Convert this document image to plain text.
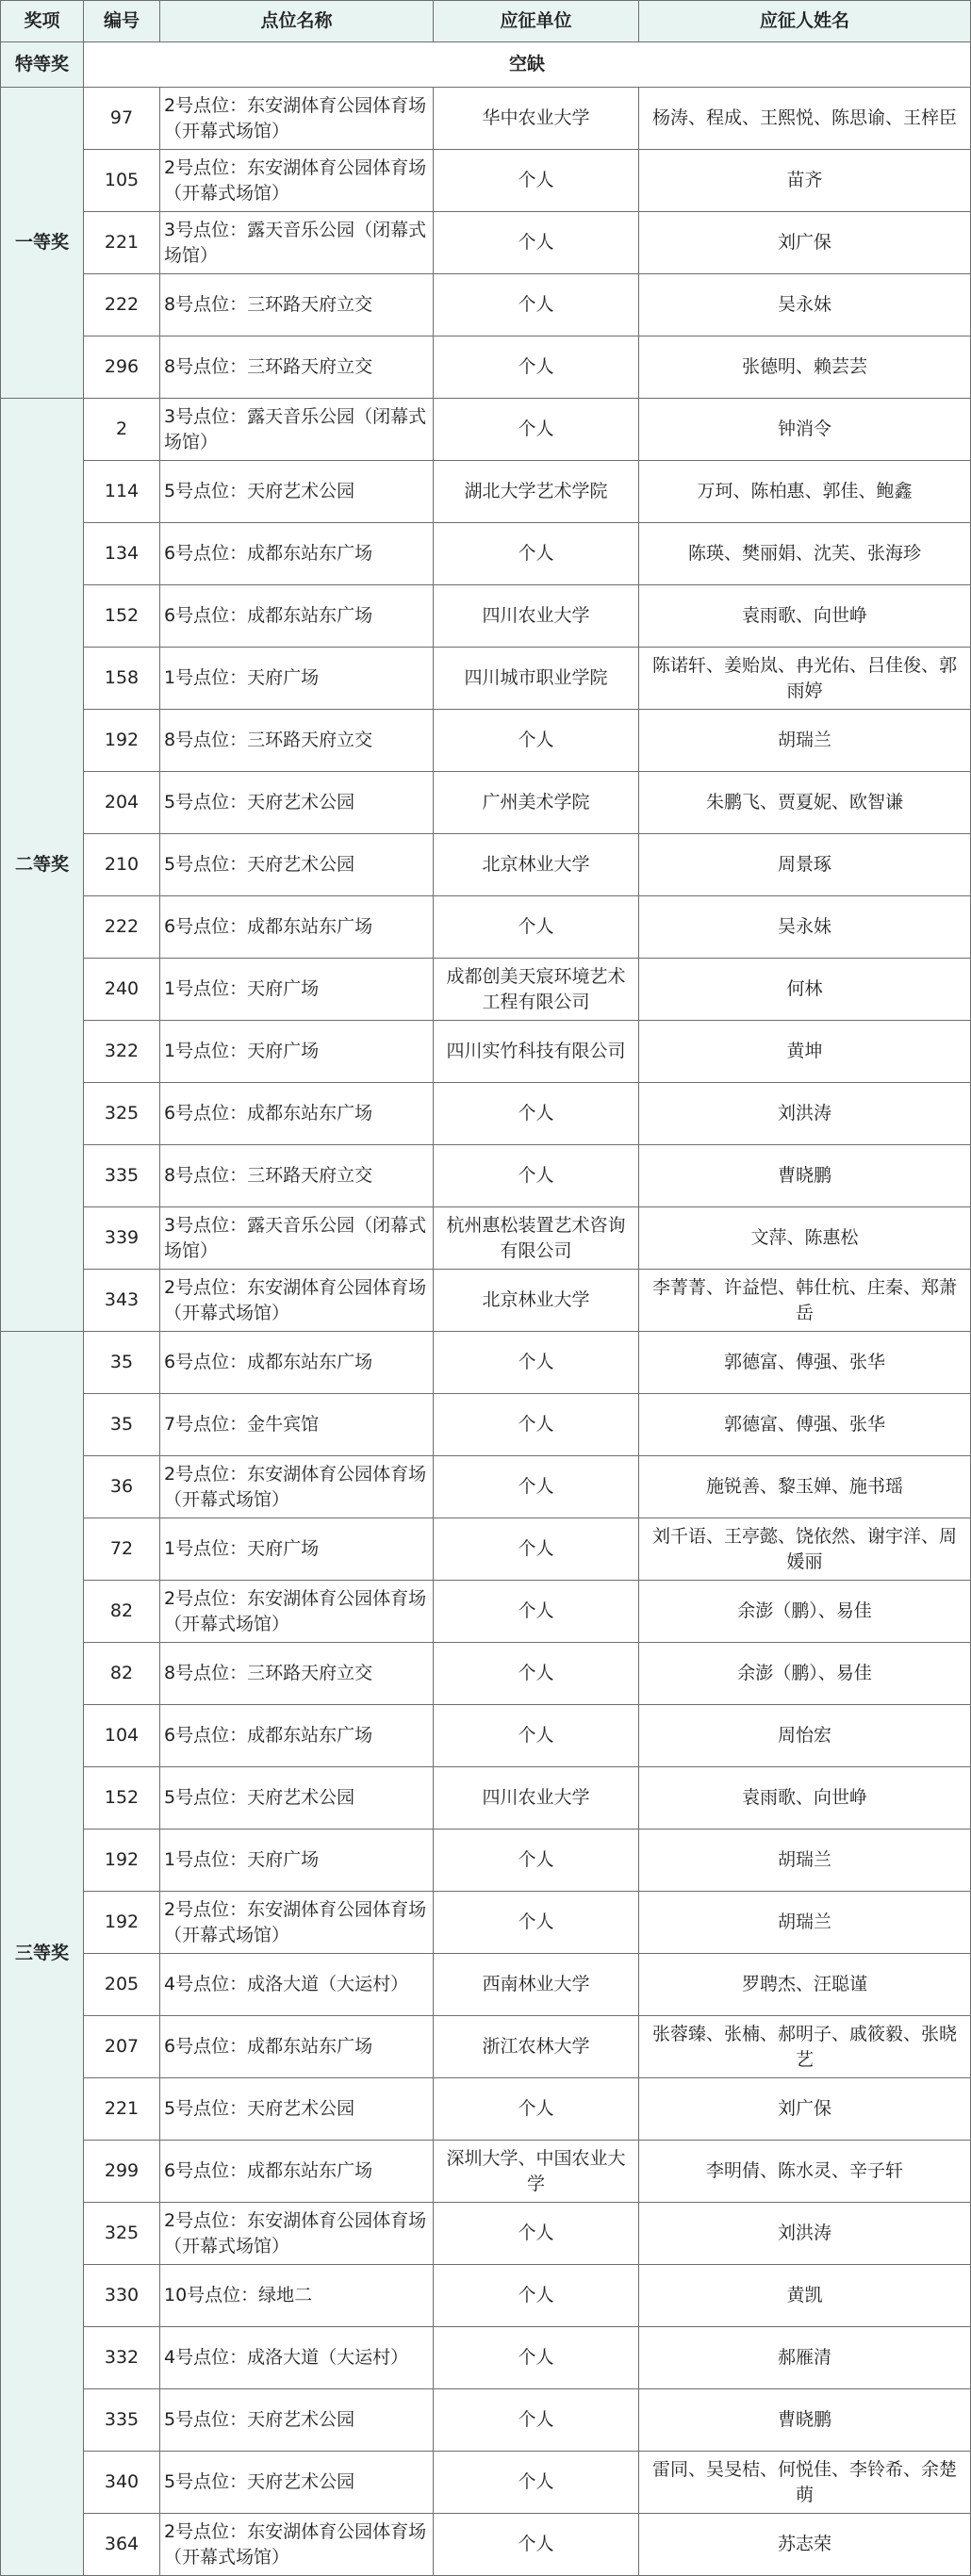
奖项	编号	点位名称	应征单位	应征人姓名
特等奖	空缺			
一等奖	97	2号点位：东安湖体育公园体育场（开幕式场馆）	华中农业大学	杨涛、程成、王熙悦、陈思谕、王梓臣
	105	2号点位：东安湖体育公园体育场（开幕式场馆）	个人	苗齐
	221	3号点位：露天音乐公园（闭幕式场馆）	个人	刘广保
	222	8号点位：三环路天府立交	个人	吴永妹
	296	8号点位：三环路天府立交	个人	张德明、赖芸芸
二等奖	2	3号点位：露天音乐公园（闭幕式场馆）	个人	钟消令
	114	5号点位：天府艺术公园	湖北大学艺术学院	万珂、陈柏惠、郭佳、鲍鑫
	134	6号点位：成都东站东广场	个人	陈瑛、樊丽娟、沈芙、张海珍
	152	6号点位：成都东站东广场	四川农业大学	袁雨歌、向世峥
	158	1号点位：天府广场	四川城市职业学院	陈诺轩、姜贻岚、冉光佑、吕佳俊、郭雨婷
	192	8号点位：三环路天府立交	个人	胡瑞兰
	204	5号点位：天府艺术公园	广州美术学院	朱鹏飞、贾夏妮、欧智谦
	210	5号点位：天府艺术公园	北京林业大学	周景琢
	222	6号点位：成都东站东广场	个人	吴永妹
	240	1号点位：天府广场	成都创美天宸环境艺术工程有限公司	何林
	322	1号点位：天府广场	四川实竹科技有限公司	黄坤
	325	6号点位：成都东站东广场	个人	刘洪涛
	335	8号点位：三环路天府立交	个人	曹晓鹏
	339	3号点位：露天音乐公园（闭幕式场馆）	杭州惠松装置艺术咨询有限公司	文萍、陈惠松
	343	2号点位：东安湖体育公园体育场（开幕式场馆）	北京林业大学	李菁菁、许益恺、韩仕杭、庄秦、郑萧岳
三等奖	35	6号点位：成都东站东广场	个人	郭德富、傅强、张华
	35	7号点位：金牛宾馆	个人	郭德富、傅强、张华
	36	2号点位：东安湖体育公园体育场（开幕式场馆）	个人	施锐善、黎玉婵、施书瑶
	72	1号点位：天府广场	个人	刘千语、王亭懿、饶依然、谢宇洋、周媛丽
	82	2号点位：东安湖体育公园体育场（开幕式场馆）	个人	余澎（鹏）、易佳
	82	8号点位：三环路天府立交	个人	余澎（鹏）、易佳
	104	6号点位：成都东站东广场	个人	周怡宏
	152	5号点位：天府艺术公园	四川农业大学	袁雨歌、向世峥
	192	1号点位：天府广场	个人	胡瑞兰
	192	2号点位：东安湖体育公园体育场（开幕式场馆）	个人	胡瑞兰
	205	4号点位：成洛大道（大运村）	西南林业大学	罗聘杰、汪聪谨
	207	6号点位：成都东站东广场	浙江农林大学	张蓉臻、张楠、郝明子、戚筱毅、张晓艺
	221	5号点位：天府艺术公园	个人	刘广保
	299	6号点位：成都东站东广场	深圳大学、中国农业大学	李明倩、陈水灵、辛子轩
	325	2号点位：东安湖体育公园体育场（开幕式场馆）	个人	刘洪涛
	330	10号点位：绿地二	个人	黄凯
	332	4号点位：成洛大道（大运村）	个人	郝雁清
	335	5号点位：天府艺术公园	个人	曹晓鹏
	340	5号点位：天府艺术公园	个人	雷同、吴旻桔、何悦佳、李铃希、余楚萌
	364	2号点位：东安湖体育公园体育场（开幕式场馆）	个人	苏志荣
